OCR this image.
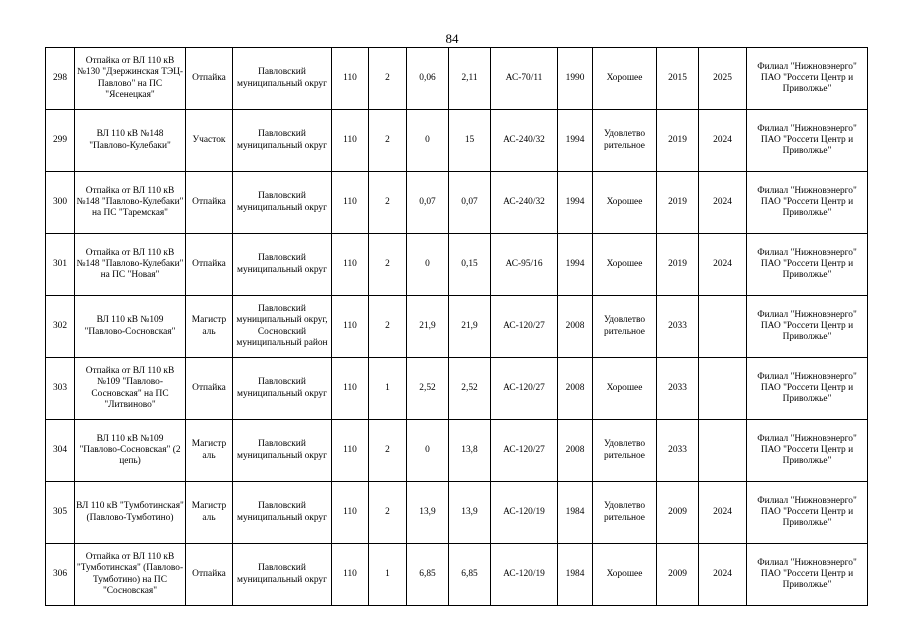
84
298	Отпайка от ВЛ 110 кВ №130 "Дзержинская ТЭЦ-Павлово" на ПС "Ясенецкая"	Отпайка	Павловский муниципальный округ	110	2	0,06	2,11	АС-70/11	1990	Хорошее	2015	2025	Филиал "Нижновэнерго" ПАО "Россети Центр и Приволжье"
299	ВЛ 110 кВ №148 "Павлово-Кулебаки"	Участок	Павловский муниципальный округ	110	2	0	15	АС-240/32	1994	Удовлетво рительное	2019	2024	Филиал "Нижновэнерго" ПАО "Россети Центр и Приволжье"
300	Отпайка от ВЛ 110 кВ №148 "Павлово-Кулебаки" на ПС "Таремская"	Отпайка	Павловский муниципальный округ	110	2	0,07	0,07	АС-240/32	1994	Хорошее	2019	2024	Филиал "Нижновэнерго" ПАО "Россети Центр и Приволжье"
301	Отпайка от ВЛ 110 кВ №148 "Павлово-Кулебаки" на ПС "Новая"	Отпайка	Павловский муниципальный округ	110	2	0	0,15	АС-95/16	1994	Хорошее	2019	2024	Филиал "Нижновэнерго" ПАО "Россети Центр и Приволжье"
302	ВЛ 110 кВ №109 "Павлово-Сосновская"	Магистр аль	Павловский муниципальный округ, Сосновский муниципальный район	110	2	21,9	21,9	АС-120/27	2008	Удовлетво рительное	2033		Филиал "Нижновэнерго" ПАО "Россети Центр и Приволжье"
303	Отпайка от ВЛ 110 кВ №109 "Павлово-Сосновская" на ПС "Литвиново"	Отпайка	Павловский муниципальный округ	110	1	2,52	2,52	АС-120/27	2008	Хорошее	2033		Филиал "Нижновэнерго" ПАО "Россети Центр и Приволжье"
304	ВЛ 110 кВ №109 "Павлово-Сосновская" (2 цепь)	Магистр аль	Павловский муниципальный округ	110	2	0	13,8	АС-120/27	2008	Удовлетво рительное	2033		Филиал "Нижновэнерго" ПАО "Россети Центр и Приволжье"
305	ВЛ 110 кВ "Тумботинская" (Павлово-Тумботино)	Магистр аль	Павловский муниципальный округ	110	2	13,9	13,9	АС-120/19	1984	Удовлетво рительное	2009	2024	Филиал "Нижновэнерго" ПАО "Россети Центр и Приволжье"
306	Отпайка от ВЛ 110 кВ "Тумботинская" (Павлово-Тумботино) на ПС "Сосновская"	Отпайка	Павловский муниципальный округ	110	1	6,85	6,85	АС-120/19	1984	Хорошее	2009	2024	Филиал "Нижновэнерго" ПАО "Россети Центр и Приволжье"
